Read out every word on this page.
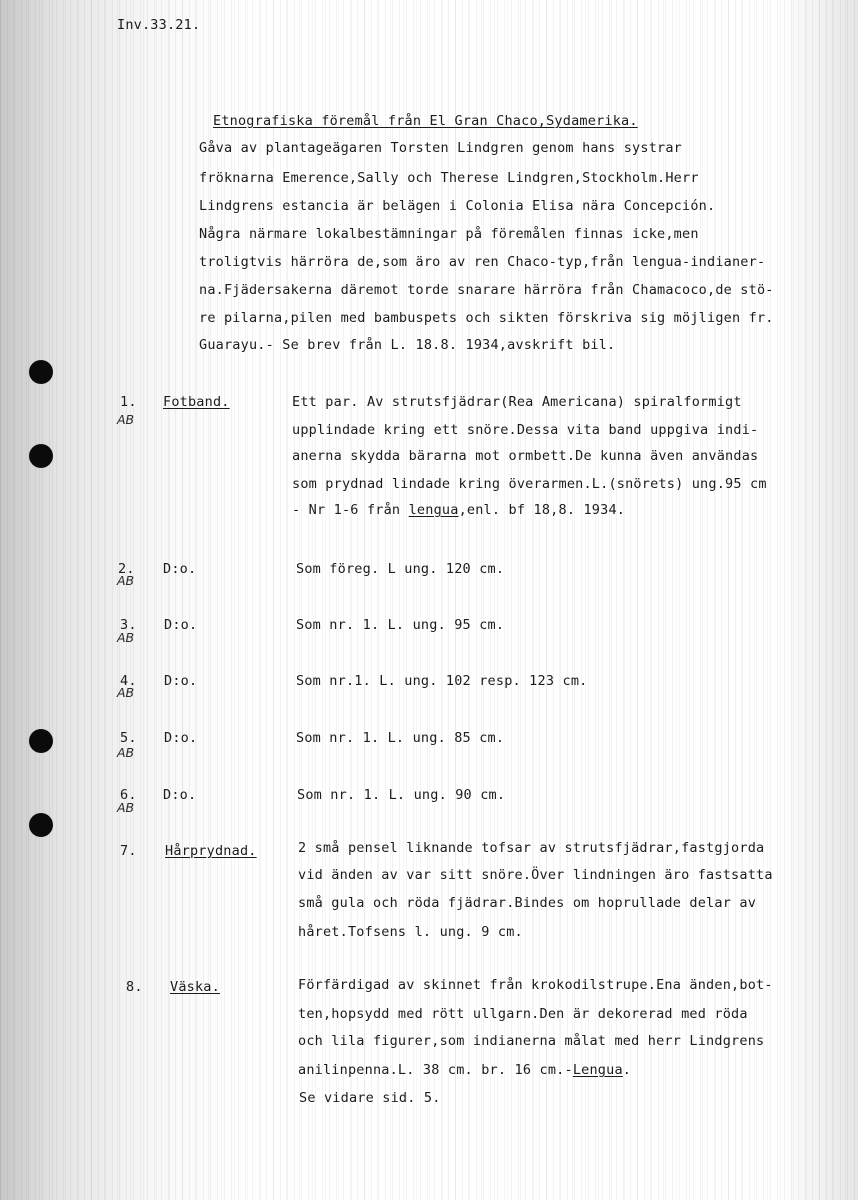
Inv.33.21.
Etnografiska föremål från El Gran Chaco,Sydamerika.
Gåva av plantageägaren Torsten Lindgren genom hans systrar
fröknarna Emerence,Sally och Therese Lindgren,Stockholm.Herr
Lindgrens estancia är belägen i Colonia Elisa nära Concepción.
Några närmare lokalbestämningar på föremålen finnas icke,men
troligtvis härröra de,som äro av ren Chaco-typ,från lengua-indianer-
na.Fjädersakerna däremot torde snarare härröra från Chamacoco,de stö-
re pilarna,pilen med bambuspets och sikten förskriva sig möjligen fr.
Guarayu.- Se brev från L. 18.8. 1934,avskrift bil.
1.
AB
Fotband.	Ett par. Av strutsfjädrar(Rea Americana) spiralformigt
upplindade kring ett snöre.Dessa vita band uppgiva indi-
anerna skydda bärarna mot ormbett.De kunna även användas
som prydnad lindade kring överarmen.L.(snörets) ung.95 cm
- Nr 1-6 från lengua,enl. bf 18,8. 1934.
2.
AB
D:o.	Som föreg. L ung. 120 cm.
3.
AB
D:o.	Som nr. 1. L. ung. 95 cm.
4.
AB
D:o.	Som nr.1. L. ung. 102 resp. 123 cm.
5.
AB
D:o.	Som nr. 1. L. ung. 85 cm.
6.
AB
D:o.	Som nr. 1. L. ung. 90 cm.
7. Hårprydnad.	2 små pensel liknande tofsar av strutsfjädrar,fastgjorda
vid änden av var sitt snöre.Över lindningen äro fastsatta
små gula och röda fjädrar.Bindes om hoprullade delar av
håret.Tofsens l. ung. 9 cm.
8. Väska.	Förfärdigad av skinnet från krokodilstrupe.Ena änden,bot-
ten,hopsydd med rött ullgarn.Den är dekorerad med röda
och lila figurer,som indianerna målat med herr Lindgrens
anilinpenna.L. 38 cm. br. 16 cm.-Lengua.
Se vidare sid. 5.
